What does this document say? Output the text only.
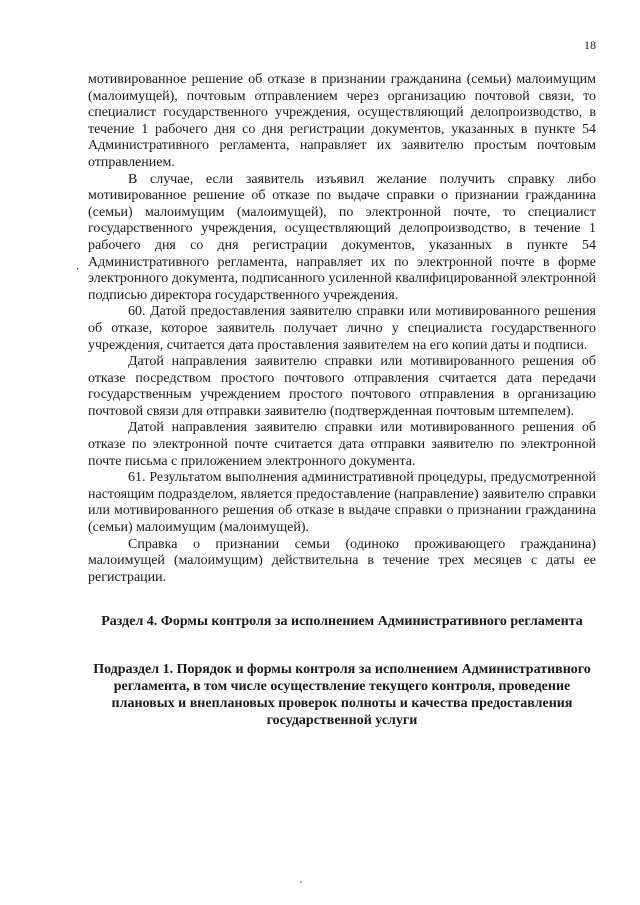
18
⸳

мотивированное решение об отказе в признании гражданина (семьи) малоимущим (малоимущей), почтовым отправлением через организацию почтовой связи, то специалист государственного учреждения, осуществляющий делопроизводство, в течение 1 рабочего дня со дня регистрации документов, указанных в пункте 54 Административного регламента, направляет их заявителю простым почтовым отправлением.

В случае, если заявитель изъявил желание получить справку либо мотивированное решение об отказе по выдаче справки о признании гражданина (семьи) малоимущим (малоимущей), по электронной почте, то специалист государственного учреждения, осуществляющий делопроизводство, в течение 1 рабочего дня со дня регистрации документов, указанных в пункте 54 Административного регламента, направляет их по электронной почте в форме электронного документа, подписанного усиленной квалифицированной электронной подписью директора государственного учреждения.

60. Датой предоставления заявителю справки или мотивированного решения об отказе, которое заявитель получает лично у специалиста государственного учреждения, считается дата проставления заявителем на его копии даты и подписи.

Датой направления заявителю справки или мотивированного решения об отказе посредством простого почтового отправления считается дата передачи государственным учреждением простого почтового отправления в организацию почтовой связи для отправки заявителю (подтвержденная почтовым штемпелем).

Датой направления заявителю справки или мотивированного решения об отказе по электронной почте считается дата отправки заявителю по электронной почте письма с приложением электронного документа.

61. Результатом выполнения административной процедуры, предусмотренной настоящим подразделом, является предоставление (направление) заявителю справки или мотивированного решения об отказе в выдаче справки о признании гражданина (семьи) малоимущим (малоимущей).

Справка о признании семьи (одиноко проживающего гражданина) малоимущей (малоимущим) действительна в течение трех месяцев с даты ее регистрации.

Раздел 4. Формы контроля за исполнением Административного регламента
Подраздел 1. Порядок и формы контроля за исполнением Административного регламента, в том числе осуществление текущего контроля, проведение плановых и внеплановых проверок полноты и качества предоставления государственной услуги
